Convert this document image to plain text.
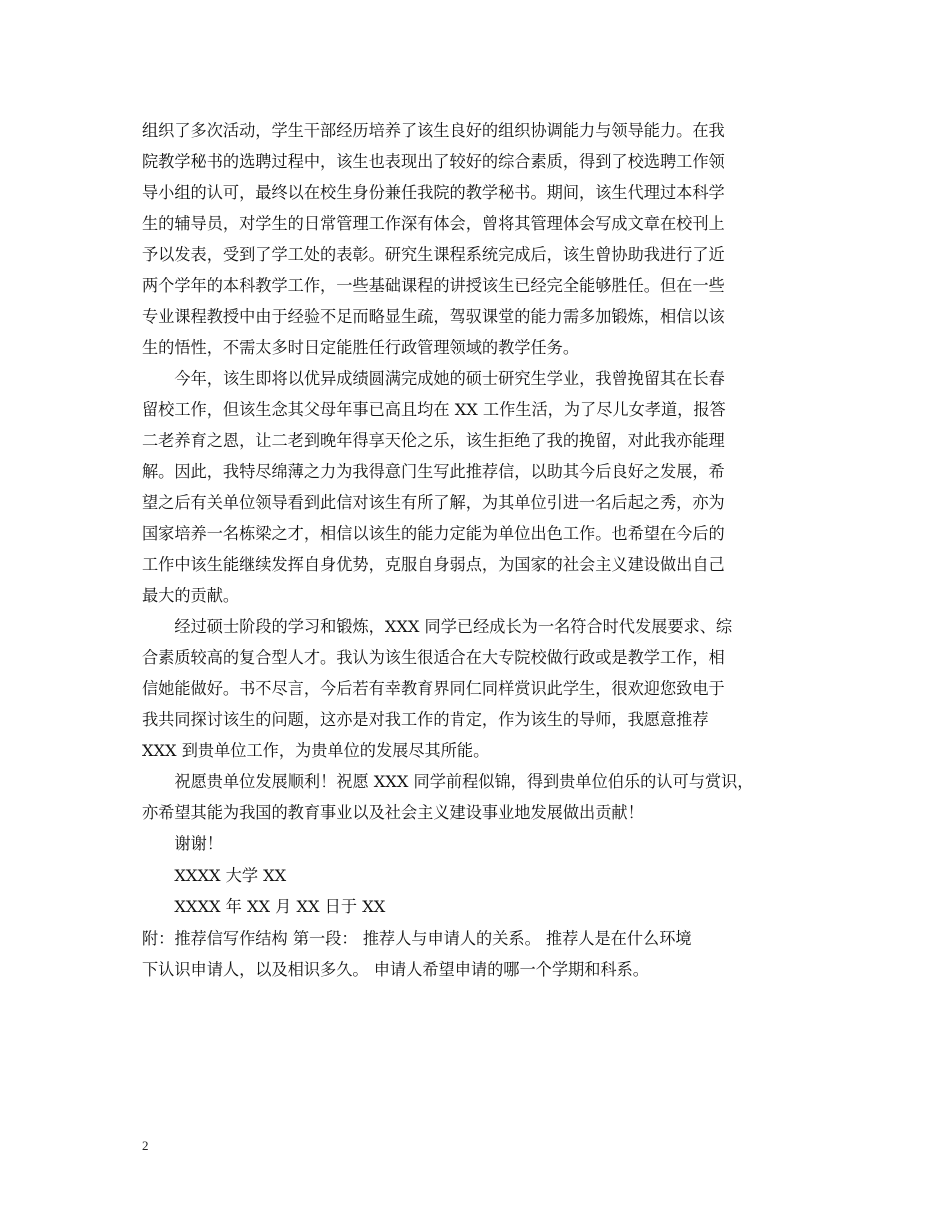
组织了多次活动，学生干部经历培养了该生良好的组织协调能力与领导能力。在我
院教学秘书的选聘过程中，该生也表现出了较好的综合素质，得到了校选聘工作领
导小组的认可，最终以在校生身份兼任我院的教学秘书。期间，该生代理过本科学
生的辅导员，对学生的日常管理工作深有体会，曾将其管理体会写成文章在校刊上
予以发表，受到了学工处的表彰。研究生课程系统完成后，该生曾协助我进行了近
两个学年的本科教学工作，一些基础课程的讲授该生已经完全能够胜任。但在一些
专业课程教授中由于经验不足而略显生疏，驾驭课堂的能力需多加锻炼，相信以该
生的悟性，不需太多时日定能胜任行政管理领域的教学任务。
今年，该生即将以优异成绩圆满完成她的硕士研究生学业，我曾挽留其在长春
留校工作，但该生念其父母年事已高且均在 XX 工作生活，为了尽儿女孝道，报答
二老养育之恩，让二老到晚年得享天伦之乐，该生拒绝了我的挽留，对此我亦能理
解。因此，我特尽绵薄之力为我得意门生写此推荐信，以助其今后良好之发展，希
望之后有关单位领导看到此信对该生有所了解，为其单位引进一名后起之秀，亦为
国家培养一名栋梁之才，相信以该生的能力定能为单位出色工作。也希望在今后的
工作中该生能继续发挥自身优势，克服自身弱点，为国家的社会主义建设做出自己
最大的贡献。
经过硕士阶段的学习和锻炼，XXX 同学已经成长为一名符合时代发展要求、综
合素质较高的复合型人才。我认为该生很适合在大专院校做行政或是教学工作，相
信她能做好。书不尽言，今后若有幸教育界同仁同样赏识此学生，很欢迎您致电于
我共同探讨该生的问题，这亦是对我工作的肯定，作为该生的导师，我愿意推荐
XXX 到贵单位工作，为贵单位的发展尽其所能。
祝愿贵单位发展顺利！祝愿 XXX 同学前程似锦，得到贵单位伯乐的认可与赏识，
亦希望其能为我国的教育事业以及社会主义建设事业地发展做出贡献！
谢谢！
XXXX 大学 XX
XXXX 年 XX 月 XX 日于 XX
附：推荐信写作结构 第一段： 推荐人与申请人的关系。 推荐人是在什么环境
下认识申请人，以及相识多久。 申请人希望申请的哪一个学期和科系。
2
